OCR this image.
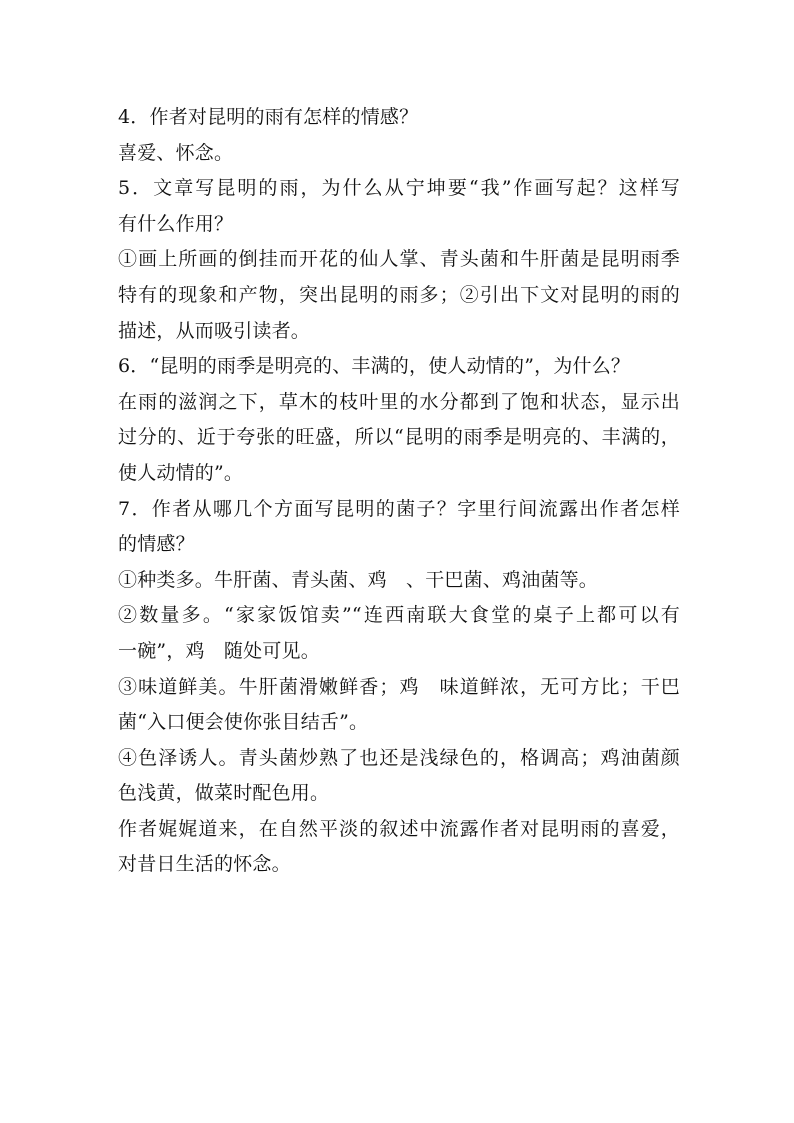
4．作者对昆明的雨有怎样的情感？
喜爱、怀念。
5．文章写昆明的雨，为什么从宁坤要“我”作画写起？这样写
有什么作用？
①画上所画的倒挂而开花的仙人掌、青头菌和牛肝菌是昆明雨季
特有的现象和产物，突出昆明的雨多；②引出下文对昆明的雨的
描述，从而吸引读者。
6．“昆明的雨季是明亮的、丰满的，使人动情的”，为什么？
在雨的滋润之下，草木的枝叶里的水分都到了饱和状态，显示出
过分的、近于夸张的旺盛，所以“昆明的雨季是明亮的、丰满的，
使人动情的”。
7．作者从哪几个方面写昆明的菌子？字里行间流露出作者怎样
的情感？
①种类多。牛肝菌、青头菌、鸡　、干巴菌、鸡油菌等。
②数量多。“家家饭馆卖”“连西南联大食堂的桌子上都可以有
一碗”，鸡　随处可见。
③味道鲜美。牛肝菌滑嫩鲜香；鸡　味道鲜浓，无可方比；干巴
菌“入口便会使你张目结舌”。
④色泽诱人。青头菌炒熟了也还是浅绿色的，格调高；鸡油菌颜
色浅黄，做菜时配色用。
作者娓娓道来，在自然平淡的叙述中流露作者对昆明雨的喜爱，
对昔日生活的怀念。
